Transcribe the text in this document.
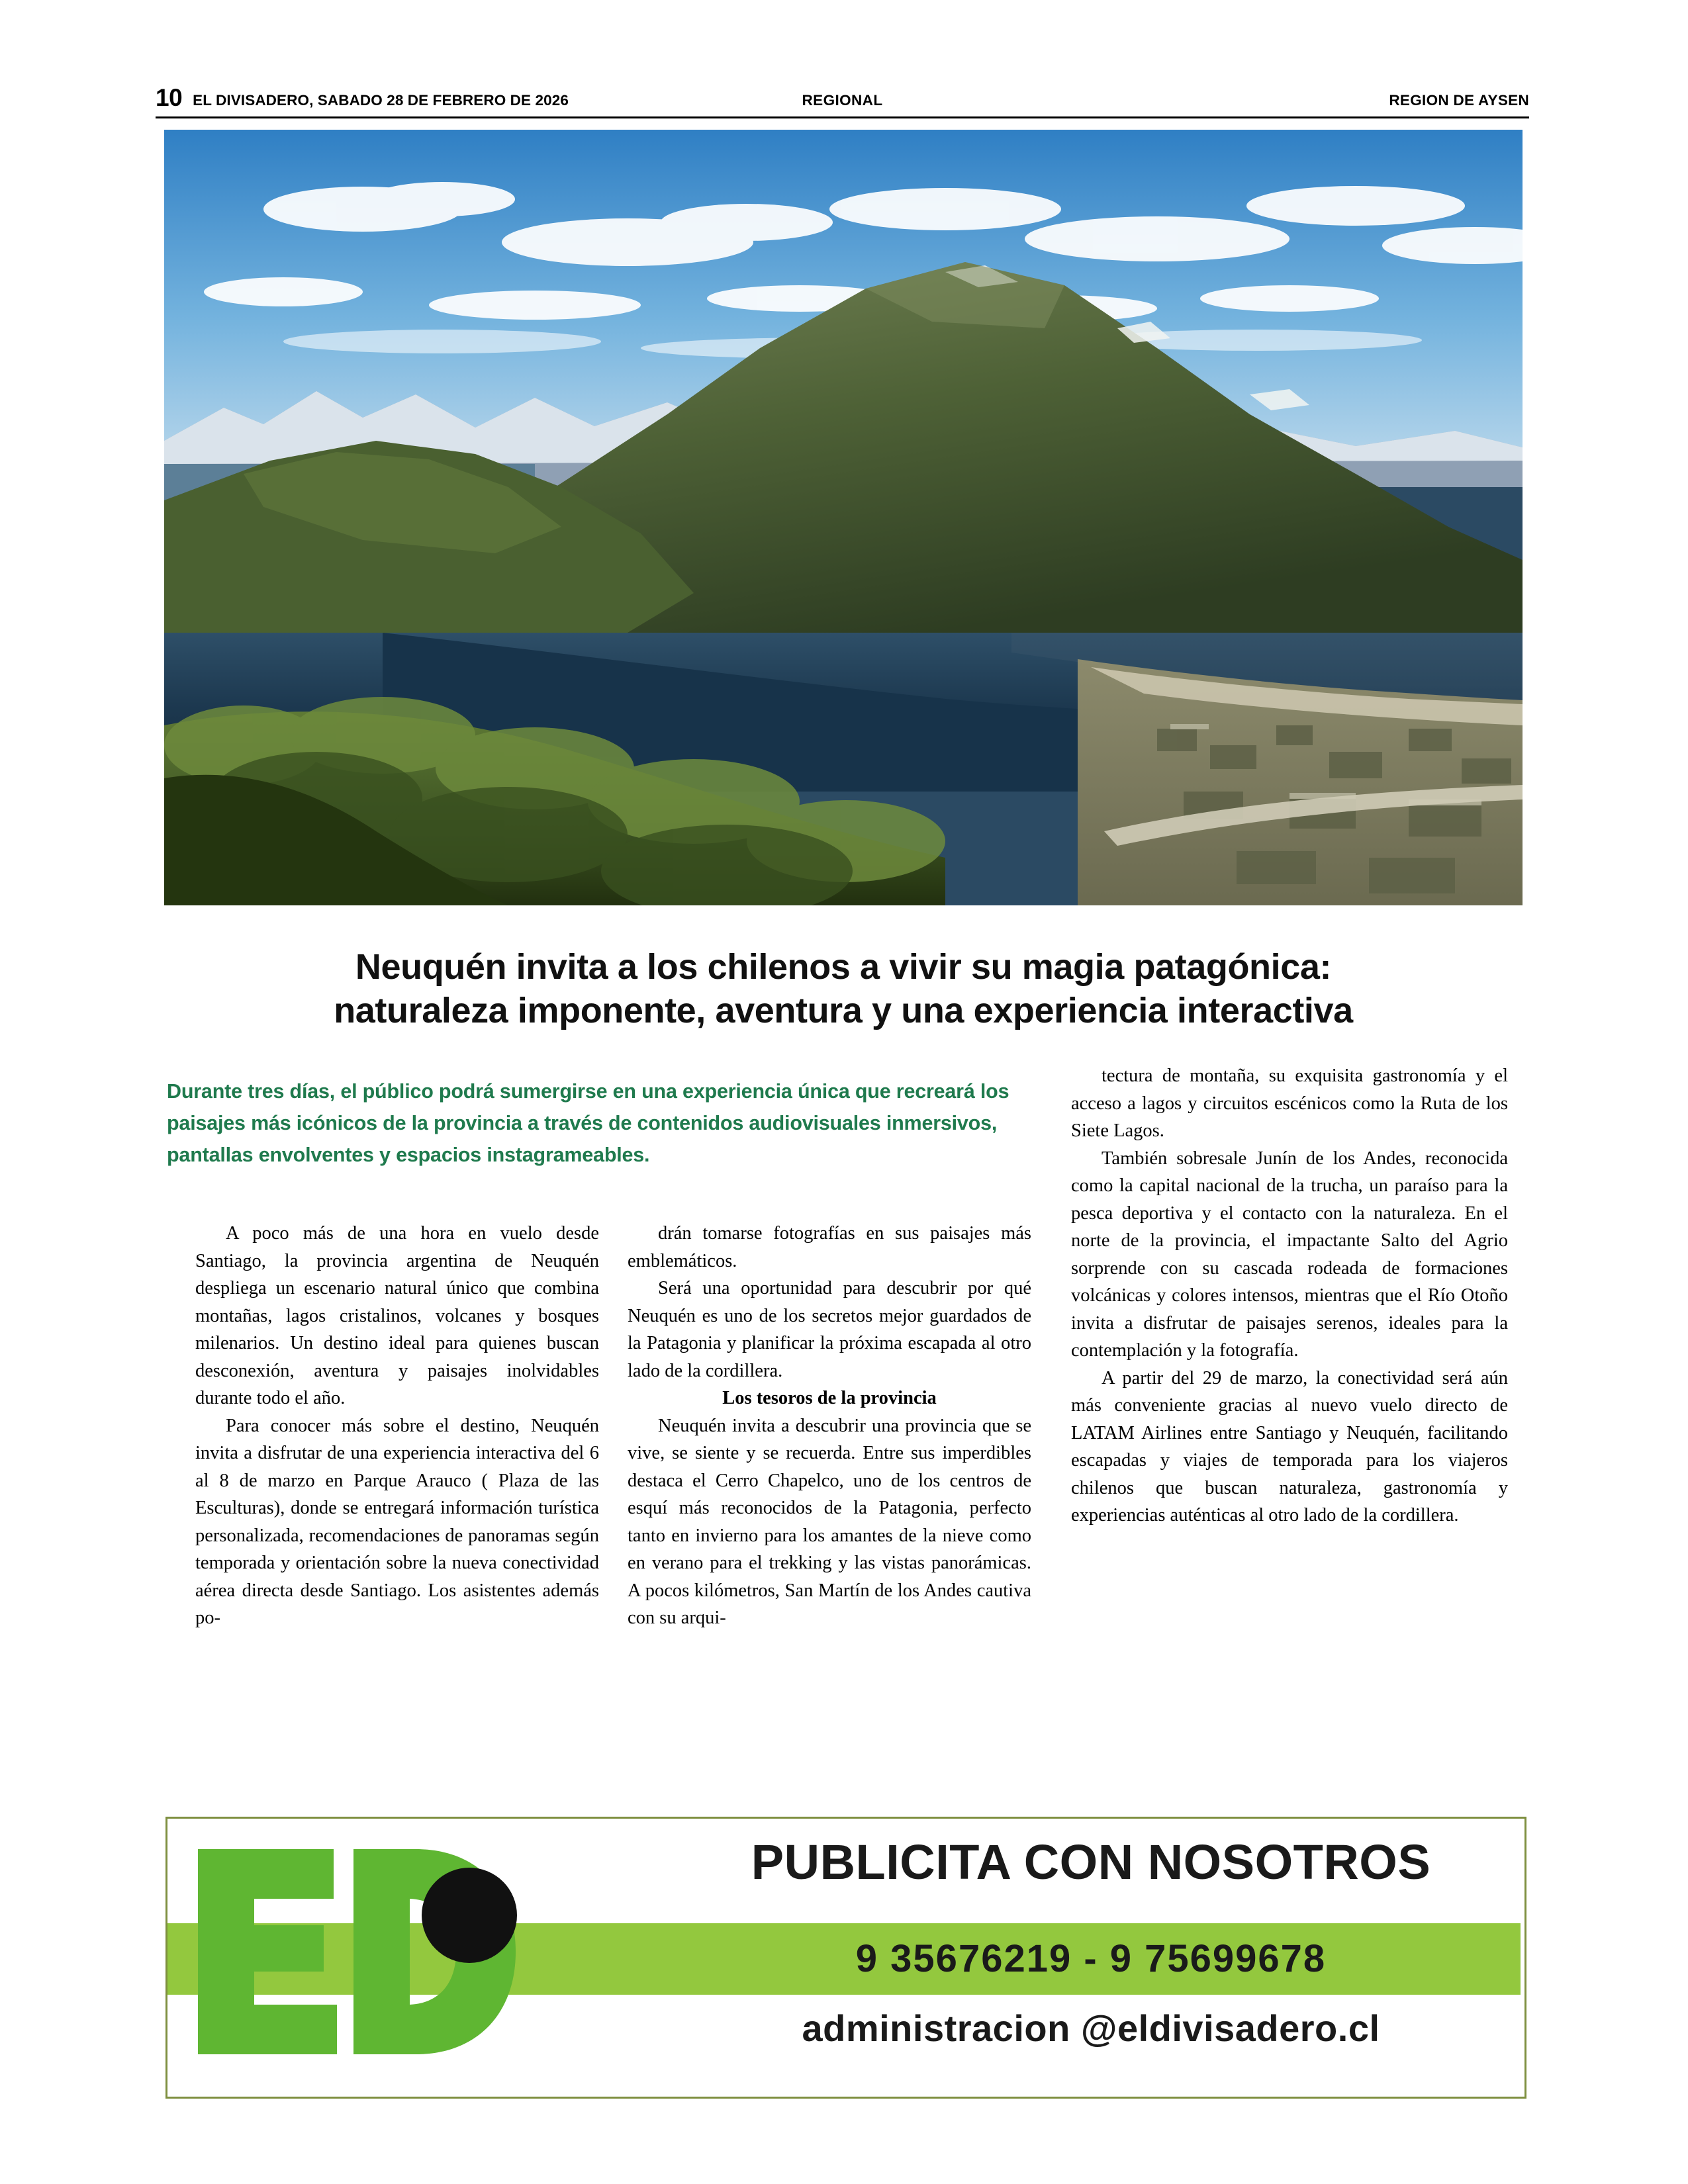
10 EL DIVISADERO, SABADO 28 DE FEBRERO DE 2026	REGIONAL	REGION DE AYSEN
Neuquén invita a los chilenos a vivir su magia patagónica:
naturaleza imponente, aventura y una experiencia interactiva
Durante tres días, el público podrá sumergirse en una experiencia única que recreará los paisajes más icónicos de la provincia a través de contenidos audiovisuales inmersivos, pantallas envolventes y espacios instagrameables.

A poco más de una hora en vuelo desde Santiago, la provincia argentina de Neuquén despliega un escenario natural único que combina montañas, lagos cristalinos, volcanes y bosques milenarios. Un destino ideal para quienes buscan desconexión, aventura y paisajes inolvidables durante todo el año.

Para conocer más sobre el destino, Neuquén invita a disfrutar de una experiencia interactiva del 6 al 8 de marzo en Parque Arauco ( Plaza de las Esculturas), donde se entregará información turística personalizada, recomendaciones de panoramas según temporada y orientación sobre la nueva conectividad aérea directa desde Santiago. Los asistentes además po-

drán tomarse fotografías en sus paisajes más emblemáticos.

Será una oportunidad para descubrir por qué Neuquén es uno de los secretos mejor guardados de la Patagonia y planificar la próxima escapada al otro lado de la cordillera.

Los tesoros de la provincia

Neuquén invita a descubrir una provincia que se vive, se siente y se recuerda. Entre sus imperdibles destaca el Cerro Chapelco, uno de los centros de esquí más reconocidos de la Patagonia, perfecto tanto en invierno para los amantes de la nieve como en verano para el trekking y las vistas panorámicas. A pocos kilómetros, San Martín de los Andes cautiva con su arqui-

tectura de montaña, su exquisita gastronomía y el acceso a lagos y circuitos escénicos como la Ruta de los Siete Lagos.

También sobresale Junín de los Andes, reconocida como la capital nacional de la trucha, un paraíso para la pesca deportiva y el contacto con la naturaleza. En el norte de la provincia, el impactante Salto del Agrio sorprende con su cascada rodeada de formaciones volcánicas y colores intensos, mientras que el Río Otoño invita a disfrutar de paisajes serenos, ideales para la contemplación y la fotografía.

A partir del 29 de marzo, la conectividad será aún más conveniente gracias al nuevo vuelo directo de LATAM Airlines entre Santiago y Neuquén, facilitando escapadas y viajes de temporada para los viajeros chilenos que buscan naturaleza, gastronomía y experiencias auténticas al otro lado de la cordillera.

PUBLICITA CON NOSOTROS
9 35676219 - 9 75699678
administracion @eldivisadero.cl
